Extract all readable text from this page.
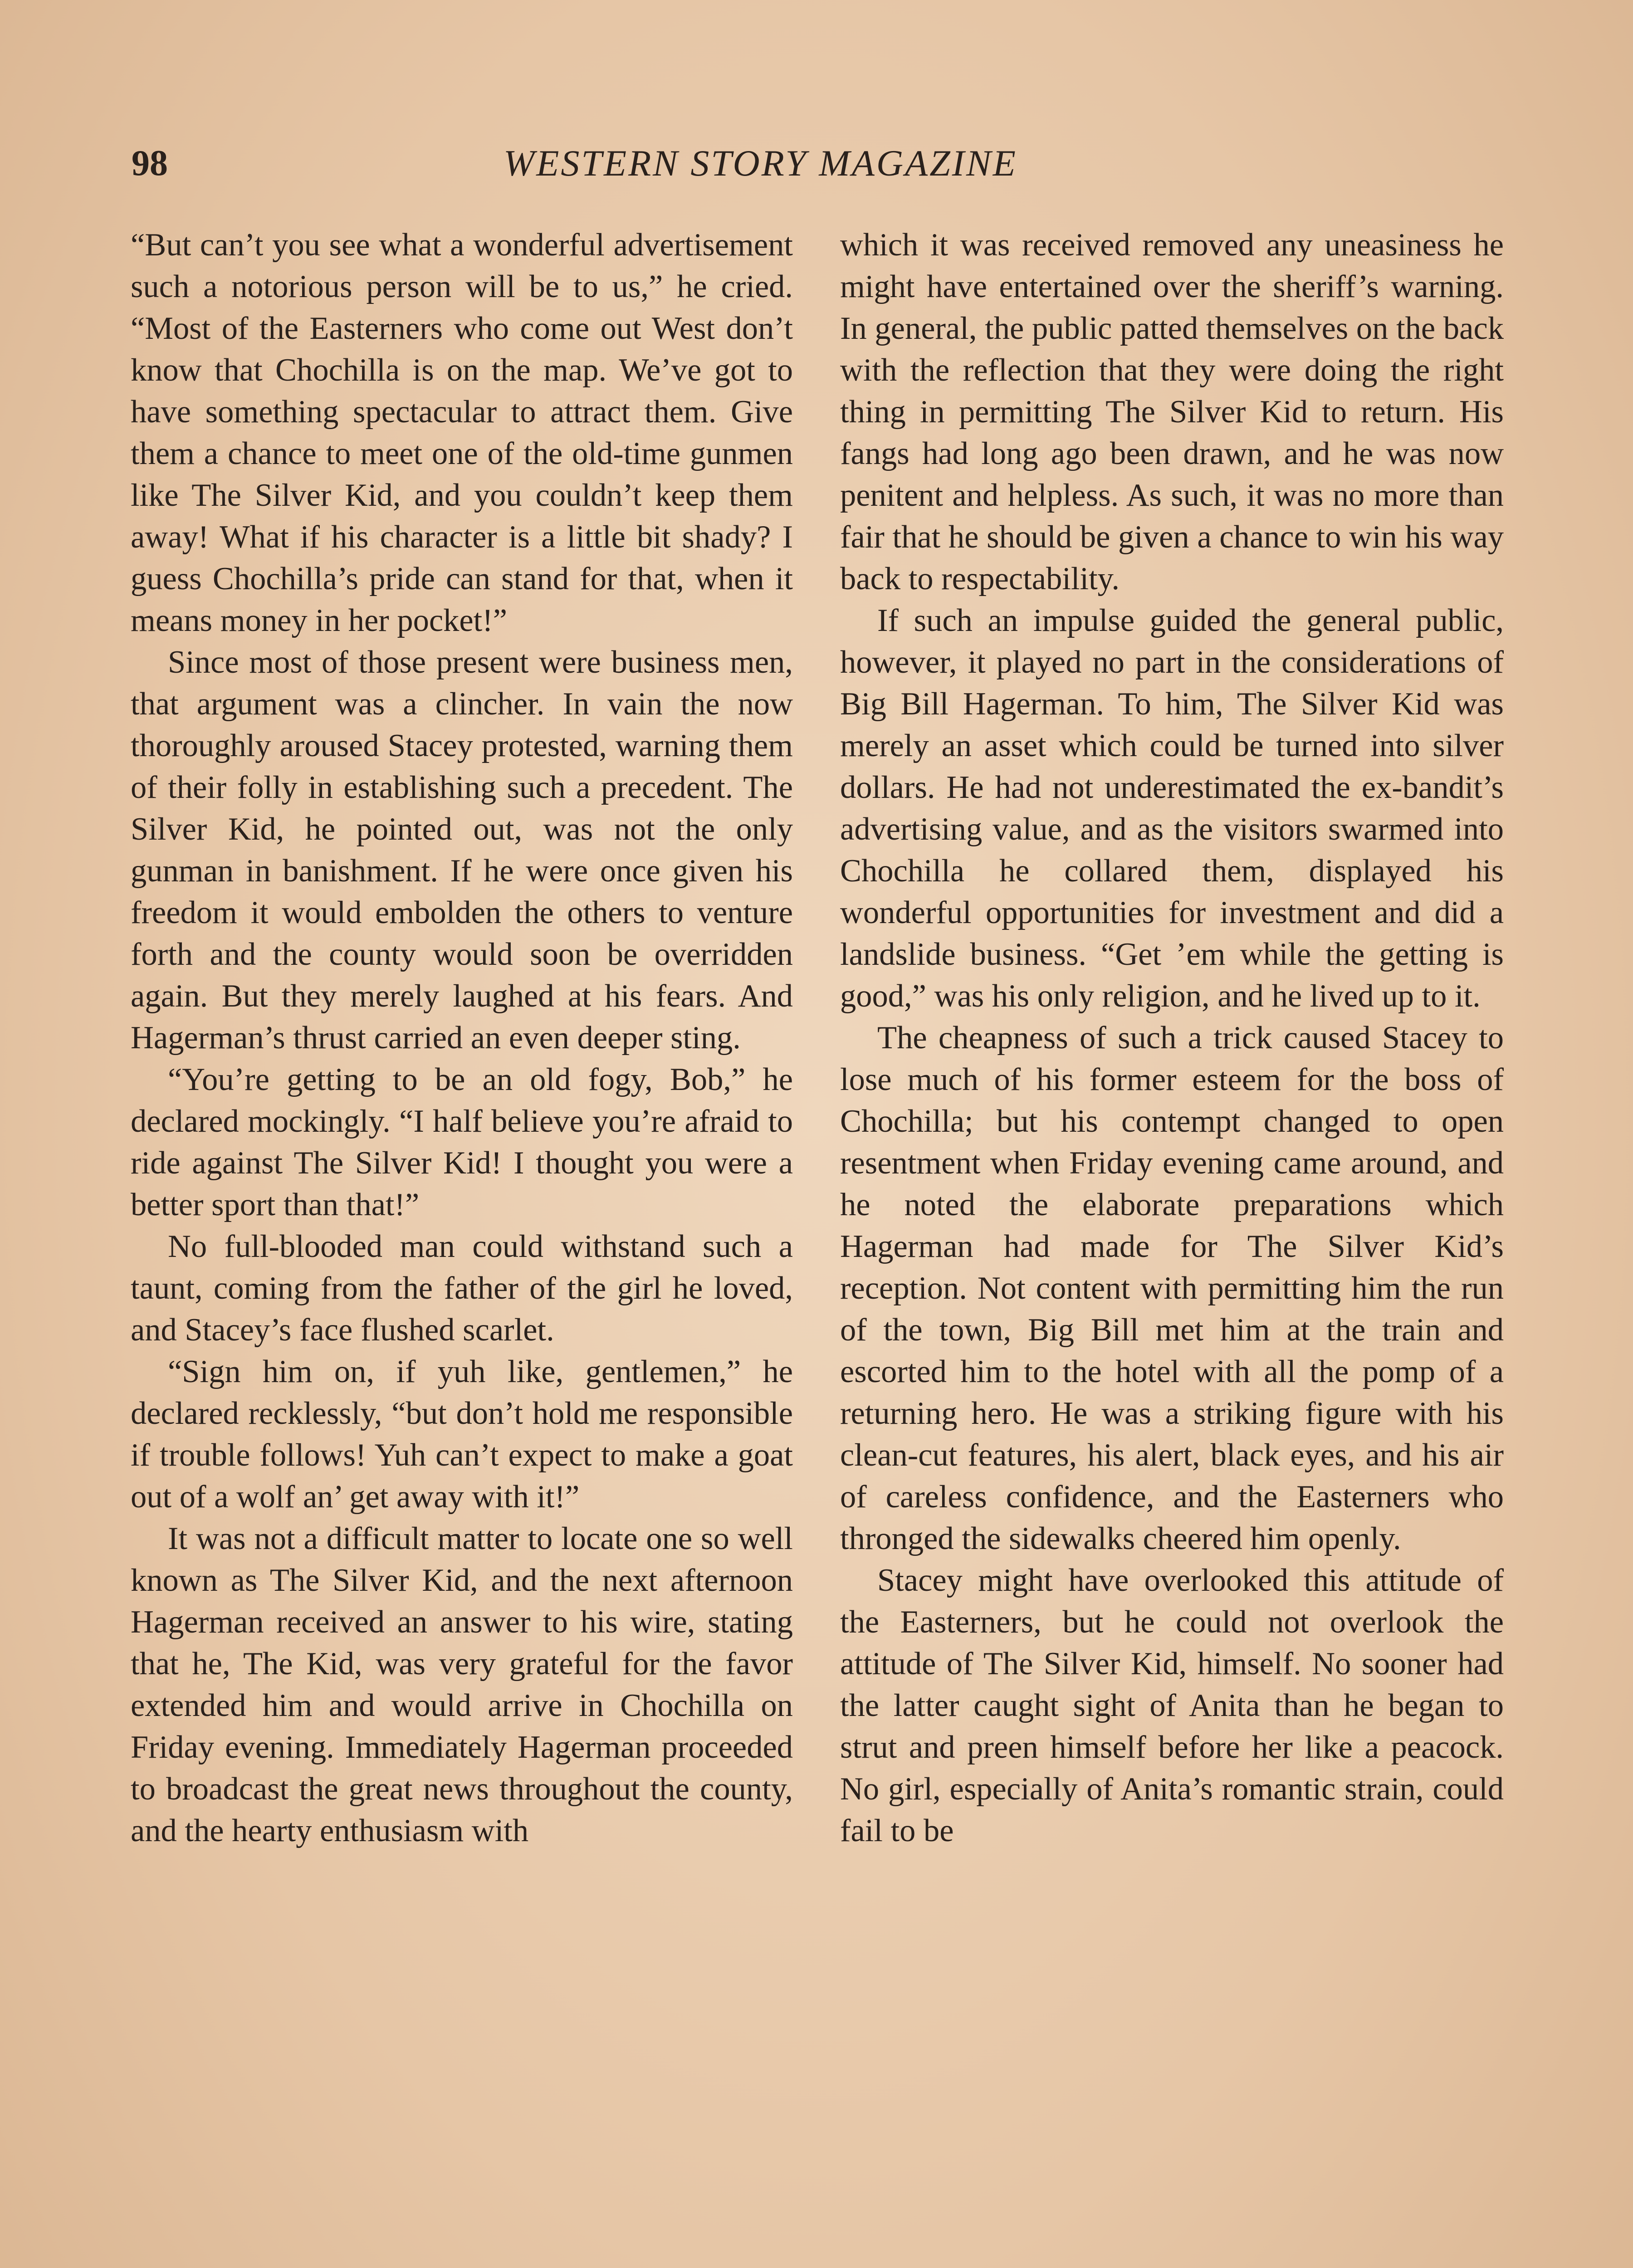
98	WESTERN STORY MAGAZINE

“But can’t you see what a wonderful advertisement such a notorious person will be to us,” he cried. “Most of the Easterners who come out West don’t know that Chochilla is on the map. We’ve got to have something spectacular to attract them. Give them a chance to meet one of the old-time gunmen like The Silver Kid, and you couldn’t keep them away! What if his character is a little bit shady? I guess Chochilla’s pride can stand for that, when it means money in her pocket!”

Since most of those present were business men, that argument was a clincher. In vain the now thoroughly aroused Stacey protested, warning them of their folly in establishing such a precedent. The Silver Kid, he pointed out, was not the only gunman in banishment. If he were once given his freedom it would embolden the others to venture forth and the county would soon be overridden again. But they merely laughed at his fears. And Hagerman’s thrust carried an even deeper sting.

“You’re getting to be an old fogy, Bob,” he declared mockingly. “I half believe you’re afraid to ride against The Silver Kid! I thought you were a better sport than that!”

No full-blooded man could withstand such a taunt, coming from the father of the girl he loved, and Stacey’s face flushed scarlet.

“Sign him on, if yuh like, gentlemen,” he declared recklessly, “but don’t hold me responsible if trouble follows! Yuh can’t expect to make a goat out of a wolf an’ get away with it!”

It was not a difficult matter to locate one so well known as The Silver Kid, and the next afternoon Hagerman received an answer to his wire, stating that he, The Kid, was very grateful for the favor extended him and would arrive in Chochilla on Friday evening. Immediately Hagerman proceeded to broadcast the great news throughout the county, and the hearty enthusiasm with

which it was received removed any uneasiness he might have entertained over the sheriff’s warning. In general, the public patted themselves on the back with the reflection that they were doing the right thing in permitting The Silver Kid to return. His fangs had long ago been drawn, and he was now penitent and helpless. As such, it was no more than fair that he should be given a chance to win his way back to respectability.

If such an impulse guided the general public, however, it played no part in the considerations of Big Bill Hagerman. To him, The Silver Kid was merely an asset which could be turned into silver dollars. He had not underestimated the ex-bandit’s advertising value, and as the visitors swarmed into Chochilla he collared them, displayed his wonderful opportunities for investment and did a landslide business. “Get ’em while the getting is good,” was his only religion, and he lived up to it.

The cheapness of such a trick caused Stacey to lose much of his former esteem for the boss of Chochilla; but his contempt changed to open resentment when Friday evening came around, and he noted the elaborate preparations which Hagerman had made for The Silver Kid’s reception. Not content with permitting him the run of the town, Big Bill met him at the train and escorted him to the hotel with all the pomp of a returning hero. He was a striking figure with his clean-cut features, his alert, black eyes, and his air of careless confidence, and the Easterners who thronged the sidewalks cheered him openly.

Stacey might have overlooked this attitude of the Easterners, but he could not overlook the attitude of The Silver Kid, himself. No sooner had the latter caught sight of Anita than he began to strut and preen himself before her like a peacock. No girl, especially of Anita’s romantic strain, could fail to be
